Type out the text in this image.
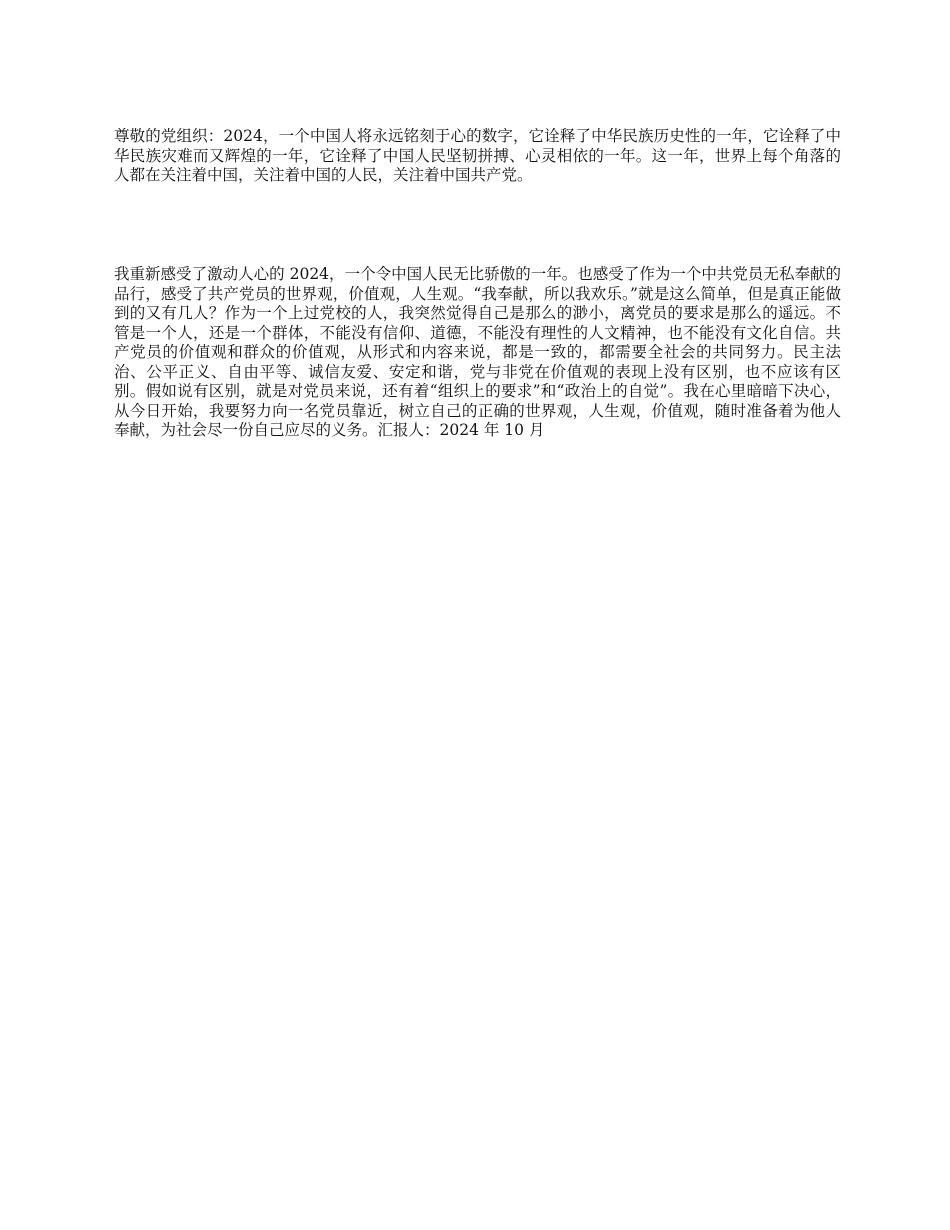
尊敬的党组织：2024，一个中国人将永远铭刻于心的数字，它诠释了中华民族历史性的一年，它诠释了中华民族灾难而又辉煌的一年，它诠释了中国人民坚韧拼搏、心灵相依的一年。这一年，世界上每个角落的人都在关注着中国，关注着中国的人民，关注着中国共产党。

我重新感受了激动人心的 2024，一个令中国人民无比骄傲的一年。也感受了作为一个中共党员无私奉献的品行，感受了共产党员的世界观，价值观，人生观。“我奉献，所以我欢乐。”就是这么简单，但是真正能做到的又有几人？作为一个上过党校的人，我突然觉得自己是那么的渺小，离党员的要求是那么的遥远。不管是一个人，还是一个群体，不能没有信仰、道德，不能没有理性的人文精神，也不能没有文化自信。共产党员的价值观和群众的价值观，从形式和内容来说，都是一致的，都需要全社会的共同努力。民主法治、公平正义、自由平等、诚信友爱、安定和谐，党与非党在价值观的表现上没有区别，也不应该有区别。假如说有区别，就是对党员来说，还有着“组织上的要求”和“政治上的自觉”。我在心里暗暗下决心，从今日开始，我要努力向一名党员靠近，树立自己的正确的世界观，人生观，价值观，随时准备着为他人奉献，为社会尽一份自己应尽的义务。汇报人：2024 年 10 月
